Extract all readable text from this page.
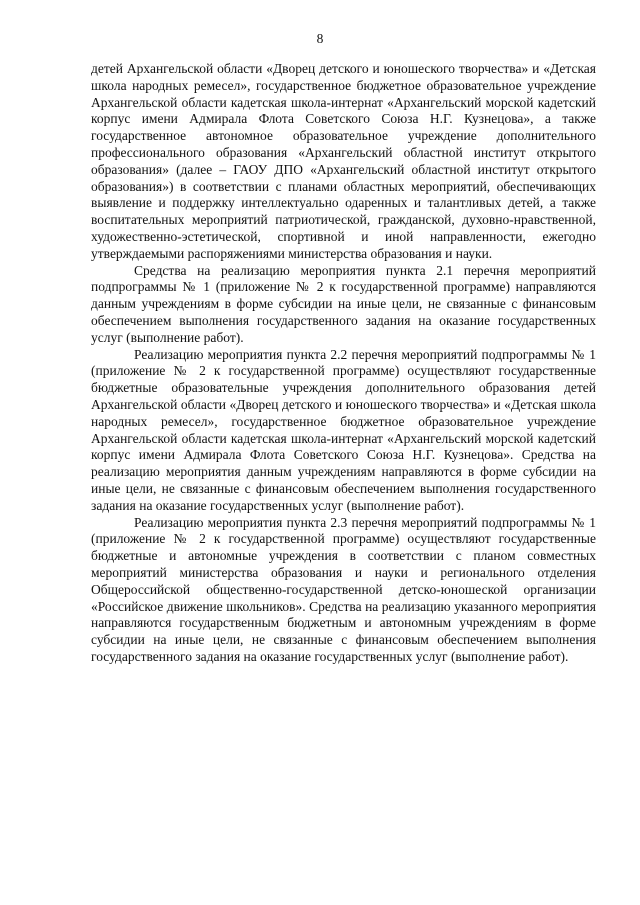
8

детей Архангельской области «Дворец детского и юношеского творчества» и «Детская школа народных ремесел», государственное бюджетное образовательное учреждение Архангельской области кадетская школа-интернат «Архангельский морской кадетский корпус имени Адмирала Флота Советского Союза Н.Г. Кузнецова», а также государственное автономное образовательное учреждение дополнительного профессионального образования «Архангельский областной институт открытого образования» (далее – ГАОУ ДПО «Архангельский областной институт открытого образования») в соответствии с планами областных мероприятий, обеспечивающих выявление и поддержку интеллектуально одаренных и талантливых детей, а также воспитательных мероприятий патриотической, гражданской, духовно-нравственной, художественно-эстетической, спортивной и иной направленности, ежегодно утверждаемыми распоряжениями министерства образования и науки.

Средства на реализацию мероприятия пункта 2.1 перечня мероприятий подпрограммы № 1 (приложение № 2 к государственной программе) направляются данным учреждениям в форме субсидии на иные цели, не связанные с финансовым обеспечением выполнения государственного задания на оказание государственных услуг (выполнение работ).

Реализацию мероприятия пункта 2.2 перечня мероприятий подпрограммы № 1 (приложение № 2 к государственной программе) осуществляют государственные бюджетные образовательные учреждения дополнительного образования детей Архангельской области «Дворец детского и юношеского творчества» и «Детская школа народных ремесел», государственное бюджетное образовательное учреждение Архангельской области кадетская школа-интернат «Архангельский морской кадетский корпус имени Адмирала Флота Советского Союза Н.Г. Кузнецова». Средства на реализацию мероприятия данным учреждениям направляются в форме субсидии на иные цели, не связанные с финансовым обеспечением выполнения государственного задания на оказание государственных услуг (выполнение работ).

Реализацию мероприятия пункта 2.3 перечня мероприятий подпрограммы № 1 (приложение № 2 к государственной программе) осуществляют государственные бюджетные и автономные учреждения в соответствии с планом совместных мероприятий министерства образования и науки и регионального отделения Общероссийской общественно-государственной детско-юношеской организации «Российское движение школьников». Средства на реализацию указанного мероприятия направляются государственным бюджетным и автономным учреждениям в форме субсидии на иные цели, не связанные с финансовым обеспечением выполнения государственного задания на оказание государственных услуг (выполнение работ).
